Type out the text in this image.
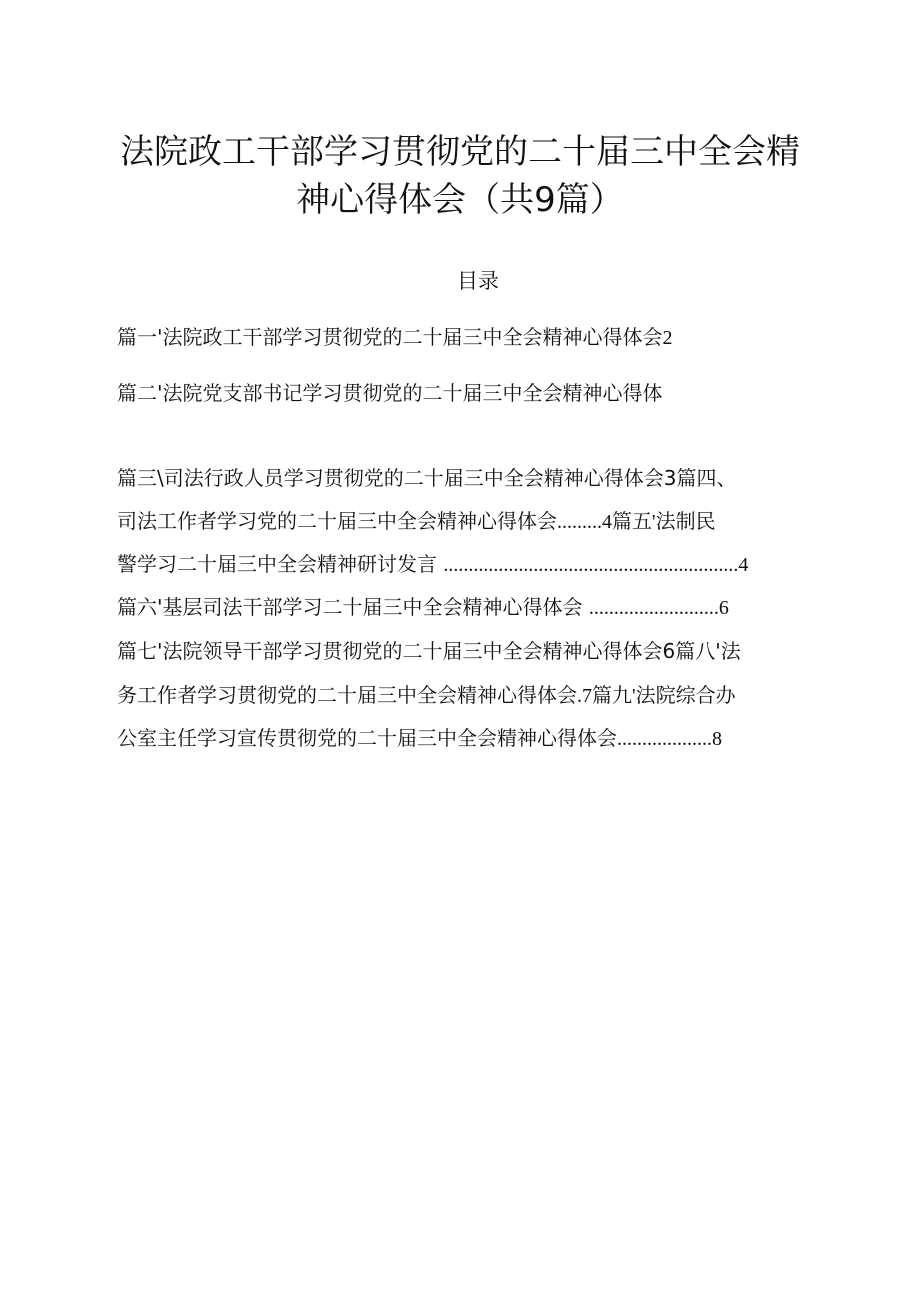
法院政工干部学习贯彻党的二十届三中全会精
神心得体会（共9篇）
目录
篇一'法院政工干部学习贯彻党的二十届三中全会精神心得体会2
篇二'法院党支部书记学习贯彻党的二十届三中全会精神心得体
篇三\司法行政人员学习贯彻党的二十届三中全会精神心得体会3篇四、
司法工作者学习党的二十届三中全会精神心得体会.........4篇五'法制民
警学习二十届三中全会精神研讨发言 ...........................................................4
篇六'基层司法干部学习二十届三中全会精神心得体会 ..........................6
篇七'法院领导干部学习贯彻党的二十届三中全会精神心得体会6篇八'法
务工作者学习贯彻党的二十届三中全会精神心得体会.7篇九'法院综合办
公室主任学习宣传贯彻党的二十届三中全会精神心得体会...................8
